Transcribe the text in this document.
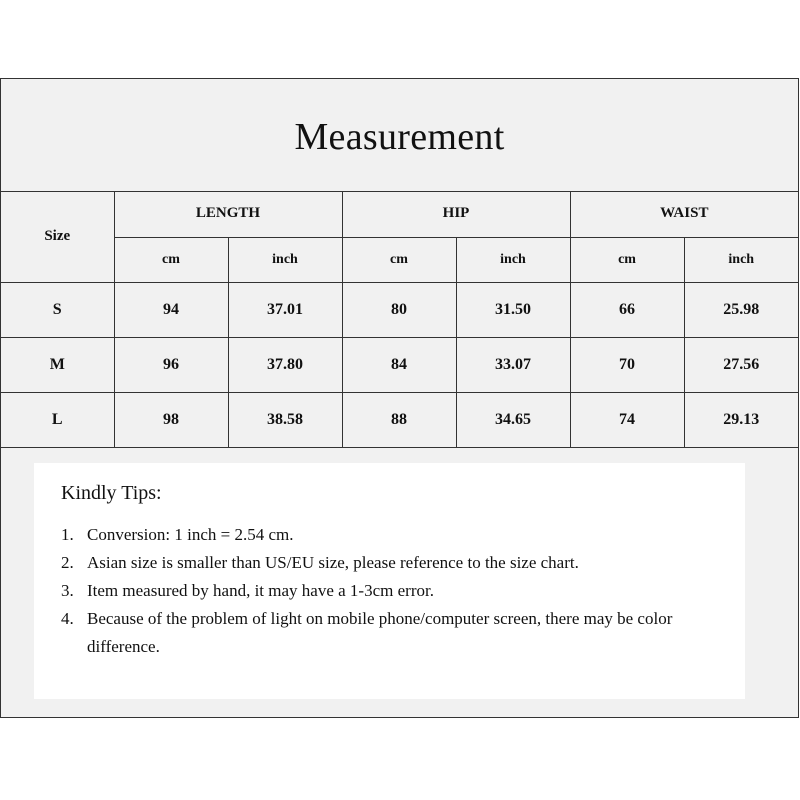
Measurement
Size	LENGTH		HIP		WAIST	
	cm	inch	cm	inch	cm	inch
S	94	37.01	80	31.50	66	25.98
M	96	37.80	84	33.07	70	27.56
L	98	38.58	88	34.65	74	29.13
Kindly Tips:
1. Conversion: 1 inch = 2.54 cm.
2. Asian size is smaller than US/EU size, please reference to the size chart.
3. Item measured by hand, it may have a 1-3cm error.
4. Because of the problem of light on mobile phone/computer screen, there may be color difference.
